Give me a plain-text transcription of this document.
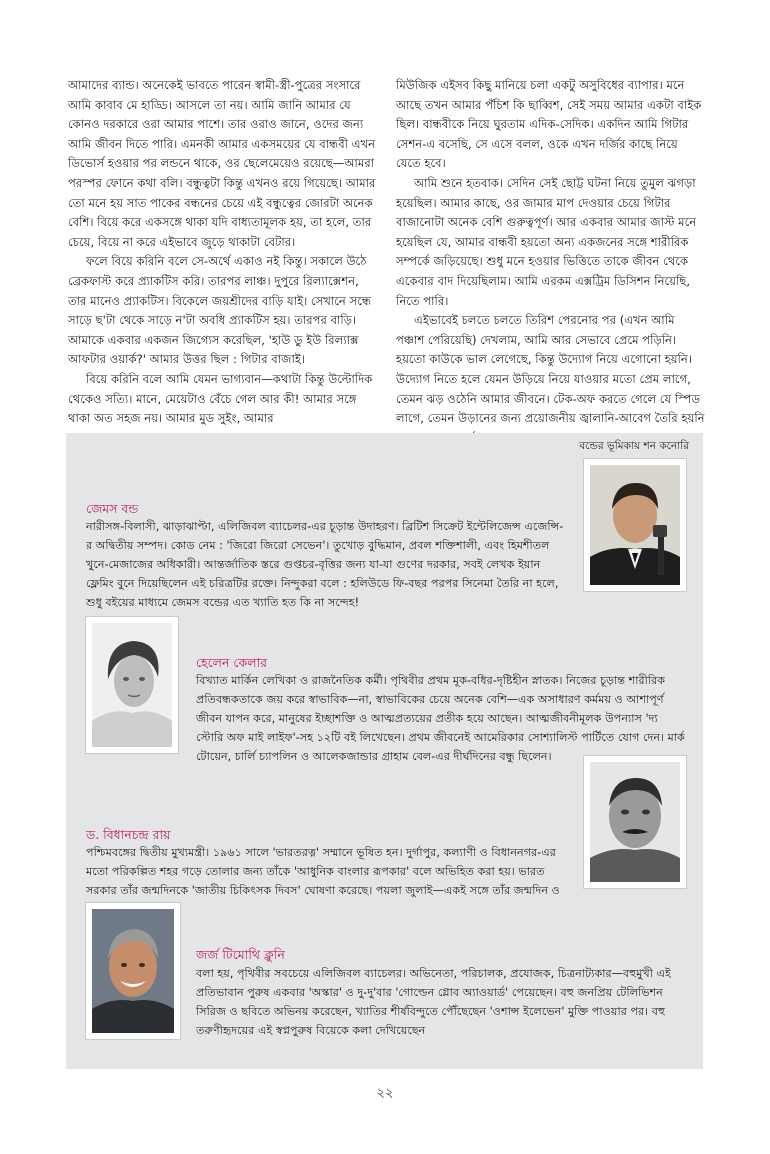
আমাদের ব্যান্ড। অনেকেই ভাবতে পারেন স্বামী-স্ত্রী-পুত্রের সংসারে আমি কাবাব মে হাড্ডি। আসলে তা নয়। আমি জানি আমার যে কোনও দরকারে ওরা আমার পাশে। তার ওরাও জানে, ওদের জন্য আমি জীবন দিতে পারি। এমনকী আমার একসময়ের যে বান্ধবী এখন ডিভোর্স হওয়ার পর লন্ডনে থাকে, ওর ছেলেমেয়েও রয়েছে—আমরা পরস্পর ফোনে কথা বলি। বন্ধুত্বটা কিন্তু এখনও রয়ে গিয়েছে। আমার তো মনে হয় সাত পাকের বন্ধনের চেয়ে এই বন্ধুত্বের জোরটা অনেক বেশি। বিয়ে করে একসঙ্গে থাকা যদি বাধ্যতামূলক হয়, তা হলে, তার চেয়ে, বিয়ে না করে এইভাবে জুড়ে থাকাটা বেটার।

ফলে বিয়ে করিনি বলে সে-অর্থে একাও নই কিন্তু। সকালে উঠে ব্রেকফাস্ট করে প্র্যাকটিস করি। তারপর লাঞ্চ। দুপুরে রিল্যাক্সেশন, তার মানেও প্র্যাকটিস। বিকেলে জয়শ্রীদের বাড়ি যাই। সেখানে সন্ধে সাড়ে ছ'টা থেকে সাড়ে ন'টা অবধি প্র্যাকটিস হয়। তারপর বাড়ি। আমাকে একবার একজন জিগ্যেস করেছিল, 'হাউ ডু ইউ রিল্যাক্স আফটার ওয়ার্ক?' আমার উত্তর ছিল : গিটার বাজাই।

বিয়ে করিনি বলে আমি যেমন ভাগ্যবান—কথাটা কিন্তু উল্টোদিক থেকেও সত্যি। মানে, মেয়েটাও বেঁচে গেল আর কী! আমার সঙ্গে থাকা অত সহজ নয়। আমার মুড সুইং, আমার

মিউজিক এইসব কিছু মানিয়ে চলা একটু অসুবিধের ব্যাপার। মনে আছে তখন আমার পঁচিশ কি ছাব্বিশ, সেই সময় আমার একটা বাইক ছিল। বান্ধবীকে নিয়ে ঘুরতাম এদিক-সেদিক। একদিন আমি গিটার সেশন-এ বসেছি, সে এসে বলল, ওকে এখন দর্জির কাছে নিয়ে যেতে হবে।

আমি শুনে হতবাক। সেদিন সেই ছোট্ট ঘটনা নিয়ে তুমুল ঝগড়া হয়েছিল। আমার কাছে, ওর জামার মাপ দেওয়ার চেয়ে গিটার বাজানোটা অনেক বেশি গুরুত্বপূর্ণ। আর একবার আমার জাস্ট মনে হয়েছিল যে, আমার বান্ধবী হয়তো অন্য একজনের সঙ্গে শারীরিক সম্পর্কে জড়িয়েছে। শুধু মনে হওয়ার ভিত্তিতে তাকে জীবন থেকে একেবার বাদ দিয়েছিলাম। আমি এরকম এক্সট্রিম ডিসিশন নিয়েছি, নিতে পারি।

এইভাবেই চলতে চলতে তিরিশ পেরনোর পর (এখন আমি পঞ্চাশ পেরিয়েছি) দেখলাম, আমি আর সেভাবে প্রেমে পড়িনি। হয়তো কাউকে ভাল লেগেছে, কিন্তু উদ্যোগ নিয়ে এগোনো হয়নি। উদ্যোগ নিতে হলে যেমন উড়িয়ে নিয়ে যাওয়ার মতো প্রেম লাগে, তেমন ঝড় ওঠেনি আমার জীবনে। টেক-অফ করতে গেলে যে স্পিড লাগে, তেমন উড়ানের জন্য প্রয়োজনীয় জ্বালানি-আবেগ তৈরি হয়নি

বন্ডের ভূমিকায় শন কনোরি
জেমস বন্ড
নারীসঙ্গ-বিলাসী, ঝাড়াঝাপ্টা, এলিজিবল ব্যাচেলর-এর চূড়ান্ত উদাহরণ। ব্রিটিশ সিক্রেট ইন্টেলিজেন্স এজেন্সি-র অদ্বিতীয় সম্পদ। কোড নেম : 'জিরো জিরো সেভেন'। তুখোড় বুদ্ধিমান, প্রবল শক্তিশালী, এবং হিমশীতল খুনে-মেজাজের অধিকারী। আন্তর্জাতিক স্তরে গুপ্তচর-বৃত্তির জন্য যা-যা গুণের দরকার, সবই লেখক ইয়ান ফ্লেমিং বুনে দিয়েছিলেন এই চরিত্রটির রক্তে। নিন্দুকরা বলে : হলিউডে ফি-বছর পরপর সিনেমা তৈরি না হলে, শুধু বইয়ের মাধ্যমে জেমস বন্ডের এত খ্যাতি হত কি না সন্দেহ!
হেলেন কেলার
বিখ্যাত মার্কিন লেখিকা ও রাজনৈতিক কর্মী। পৃথিবীর প্রথম মূক-বধির-দৃষ্টিহীন স্নাতক। নিজের চূড়ান্ত শারীরিক প্রতিবন্ধকতাকে জয় করে স্বাভাবিক—না, স্বাভাবিকের চেয়ে অনেক বেশি—এক অসাধারণ কর্মময় ও আশাপূর্ণ জীবন যাপন করে, মানুষের ইচ্ছাশক্তি ও আত্মপ্রত্যয়ের প্রতীক হয়ে আছেন। আত্মজীবনীমূলক উপন্যাস 'দ্য স্টোরি অফ মাই লাইফ'-সহ ১২টি বই লিখেছেন। প্রথম জীবনেই আমেরিকার সোশ্যালিস্ট পার্টিতে যোগ দেন। মার্ক টোয়েন, চার্লি চ্যাপলিন ও আলেকজান্ডার গ্রাহাম বেল-এর দীর্ঘদিনের বন্ধু ছিলেন।
ড. বিধানচন্দ্র রায়
পশ্চিমবঙ্গের দ্বিতীয় মুখ্যমন্ত্রী। ১৯৬১ সালে 'ভারতরত্ন' সম্মানে ভূষিত হন। দুর্গাপুর, কল্যাণী ও বিধাননগর-এর মতো পরিকল্পিত শহর গড়ে তোলার জন্য তাঁকে 'আধুনিক বাংলার রূপকার' বলে অভিহিত করা হয়। ভারত সরকার তাঁর জন্মদিনকে 'জাতীয় চিকিৎসক দিবস' ঘোষণা করেছে। পয়লা জুলাই—একই সঙ্গে তাঁর জন্মদিন ও
জর্জ টিমোথি ক্লুনি
বলা হয়, পৃথিবীর সবচেয়ে এলিজিবল ব্যাচেলর। অভিনেতা, পরিচালক, প্রযোজক, চিত্রনাট্যকার—বহুমুখী এই প্রতিভাবান পুরুষ একবার 'অস্কার' ও দু-দু'বার 'গোল্ডেন গ্লোব অ্যাওয়ার্ড' পেয়েছেন। বহু জনপ্রিয় টেলিভিশন সিরিজ ও ছবিতে অভিনয় করেছেন, খ্যাতির শীর্ষবিন্দুতে পৌঁছেছেন 'ওশান্স ইলেভেন' মুক্তি পাওয়ার পর। বহু তরুণীহৃদয়ের এই স্বপ্নপুরুষ বিয়েকে কলা দেখিয়েছেন
২২
